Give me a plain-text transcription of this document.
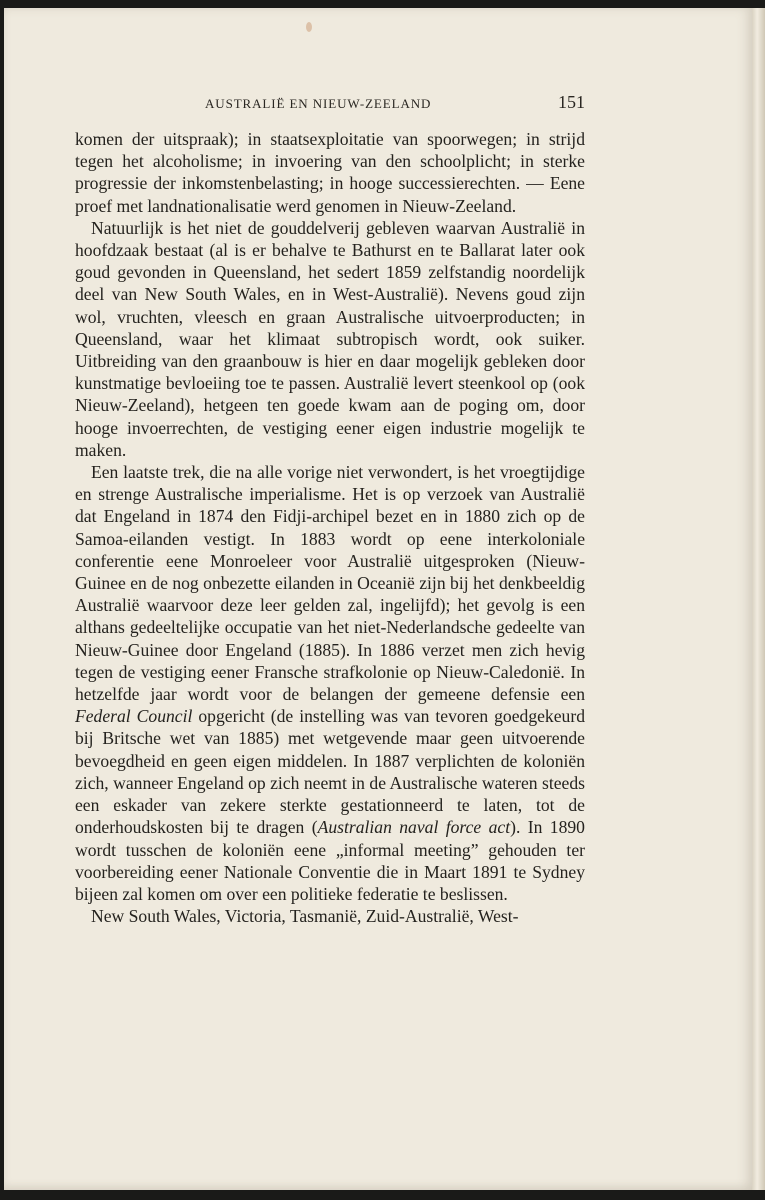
AUSTRALIË EN NIEUW-ZEELAND	151

komen der uitspraak); in staatsexploitatie van spoorwegen; in strijd tegen het alcoholisme; in invoering van den schoolplicht; in sterke progressie der inkomstenbelasting; in hooge successierechten. — Eene proef met landnationalisatie werd genomen in Nieuw-Zeeland.

Natuurlijk is het niet de gouddelverij gebleven waarvan Australië in hoofdzaak bestaat (al is er behalve te Bathurst en te Ballarat later ook goud gevonden in Queensland, het sedert 1859 zelfstandig noordelijk deel van New South Wales, en in West-Australië). Nevens goud zijn wol, vruchten, vleesch en graan Australische uitvoerproducten; in Queensland, waar het klimaat subtropisch wordt, ook suiker. Uitbreiding van den graanbouw is hier en daar mogelijk gebleken door kunstmatige bevloeiing toe te passen. Australië levert steenkool op (ook Nieuw-Zeeland), hetgeen ten goede kwam aan de poging om, door hooge invoerrechten, de vestiging eener eigen industrie mogelijk te maken.

Een laatste trek, die na alle vorige niet verwondert, is het vroegtijdige en strenge Australische imperialisme. Het is op verzoek van Australië dat Engeland in 1874 den Fidji-archipel bezet en in 1880 zich op de Samoa-eilanden vestigt. In 1883 wordt op eene interkoloniale conferentie eene Monroeleer voor Australië uitgesproken (Nieuw-Guinee en de nog onbezette eilanden in Oceanië zijn bij het denkbeeldig Australië waarvoor deze leer gelden zal, ingelijfd); het gevolg is een althans gedeeltelijke occupatie van het niet-Nederlandsche gedeelte van Nieuw-Guinee door Engeland (1885). In 1886 verzet men zich hevig tegen de vestiging eener Fransche strafkolonie op Nieuw-Caledonië. In hetzelfde jaar wordt voor de belangen der gemeene defensie een Federal Council opgericht (de instelling was van tevoren goedgekeurd bij Britsche wet van 1885) met wetgevende maar geen uitvoerende bevoegdheid en geen eigen middelen. In 1887 verplichten de koloniën zich, wanneer Engeland op zich neemt in de Australische wateren steeds een eskader van zekere sterkte gestationneerd te laten, tot de onderhoudskosten bij te dragen (Australian naval force act). In 1890 wordt tusschen de koloniën eene „informal meeting” gehouden ter voorbereiding eener Nationale Conventie die in Maart 1891 te Sydney bijeen zal komen om over een politieke federatie te beslissen.

New South Wales, Victoria, Tasmanië, Zuid-Australië, West-
